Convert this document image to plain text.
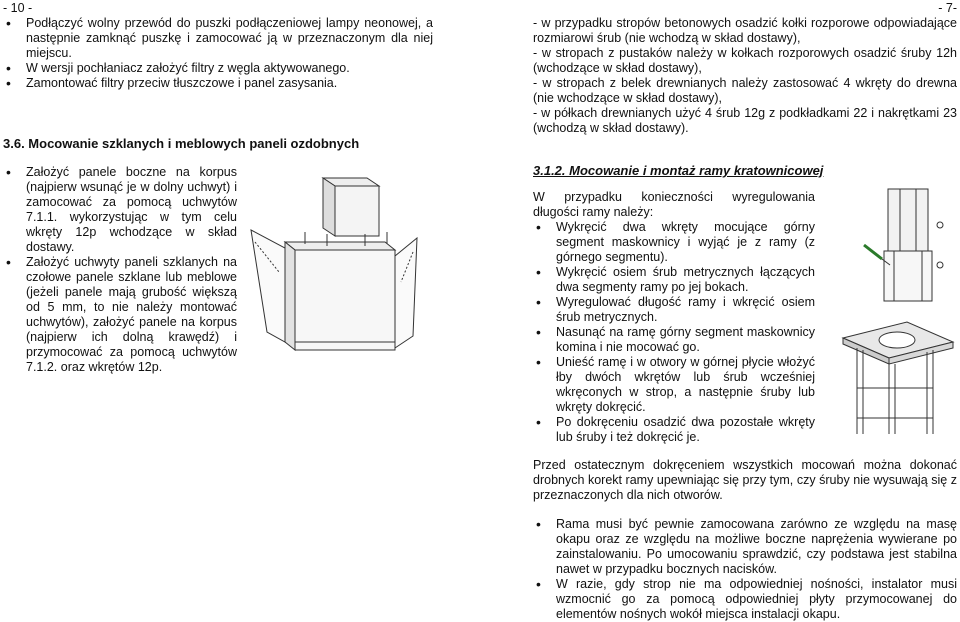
- 10 -
• Podłączyć wolny przewód do puszki podłączeniowej lampy neonowej, a następnie zamknąć puszkę i zamocować ją w przeznaczonym dla niej miejscu.
• W wersji pochłaniacz założyć filtry z węgla aktywowanego.
• Zamontować filtry przeciw tłuszczowe i panel zasysania.
3.6. Mocowanie szklanych i meblowych paneli ozdobnych
• Założyć panele boczne na korpus (najpierw wsunąć je w dolny uchwyt) i zamocować za pomocą uchwytów 7.1.1. wykorzystując w tym celu wkręty 12p wchodzące w skład dostawy.
• Założyć uchwyty paneli szklanych na czołowe panele szklane lub meblowe (jeżeli panele mają grubość większą od 5 mm, to nie należy montować uchwytów), założyć panele na korpus (najpierw ich dolną krawędź) i przymocować za pomocą uchwytów 7.1.2. oraz wkrętów 12p.
- 7-

- w przypadku stropów betonowych osadzić kołki rozporowe odpowiadające rozmiarowi śrub (nie wchodzą w skład dostawy),

- w stropach z pustaków należy w kołkach rozporowych osadzić śruby 12h (wchodzące w skład dostawy),

- w stropach z belek drewnianych należy zastosować 4 wkręty do drewna (nie wchodzące w skład dostawy),

- w półkach drewnianych użyć 4 śrub 12g z podkładkami 22 i nakrętkami 23 (wchodzą w skład dostawy).

3.1.2. Mocowanie i montaż ramy kratownicowej

W przypadku konieczności wyregulowania długości ramy należy:

• Wykręcić dwa wkręty mocujące górny segment maskownicy i wyjąć je z ramy (z górnego segmentu).
• Wykręcić osiem śrub metrycznych łączących dwa segmenty ramy po jej bokach.
• Wyregulować długość ramy i wkręcić osiem śrub metrycznych.
• Nasunąć na ramę górny segment maskownicy komina i nie mocować go.
• Unieść ramę i w otwory w górnej płycie włożyć łby dwóch wkrętów lub śrub wcześniej wkręconych w strop, a następnie śruby lub wkręty dokręcić.
• Po dokręceniu osadzić dwa pozostałe wkręty lub śruby i też dokręcić je.

Przed ostatecznym dokręceniem wszystkich mocowań można dokonać drobnych korekt ramy upewniając się przy tym, czy śruby nie wysuwają się z przeznaczonych dla nich otworów.

• Rama musi być pewnie zamocowana zarówno ze względu na masę okapu oraz ze względu na możliwe boczne naprężenia wywierane po zainstalowaniu. Po umocowaniu sprawdzić, czy podstawa jest stabilna nawet w przypadku bocznych nacisków.
• W razie, gdy strop nie ma odpowiedniej nośności, instalator musi wzmocnić go za pomocą odpowiedniej płyty przymocowanej do elementów nośnych wokół miejsca instalacji okapu.
